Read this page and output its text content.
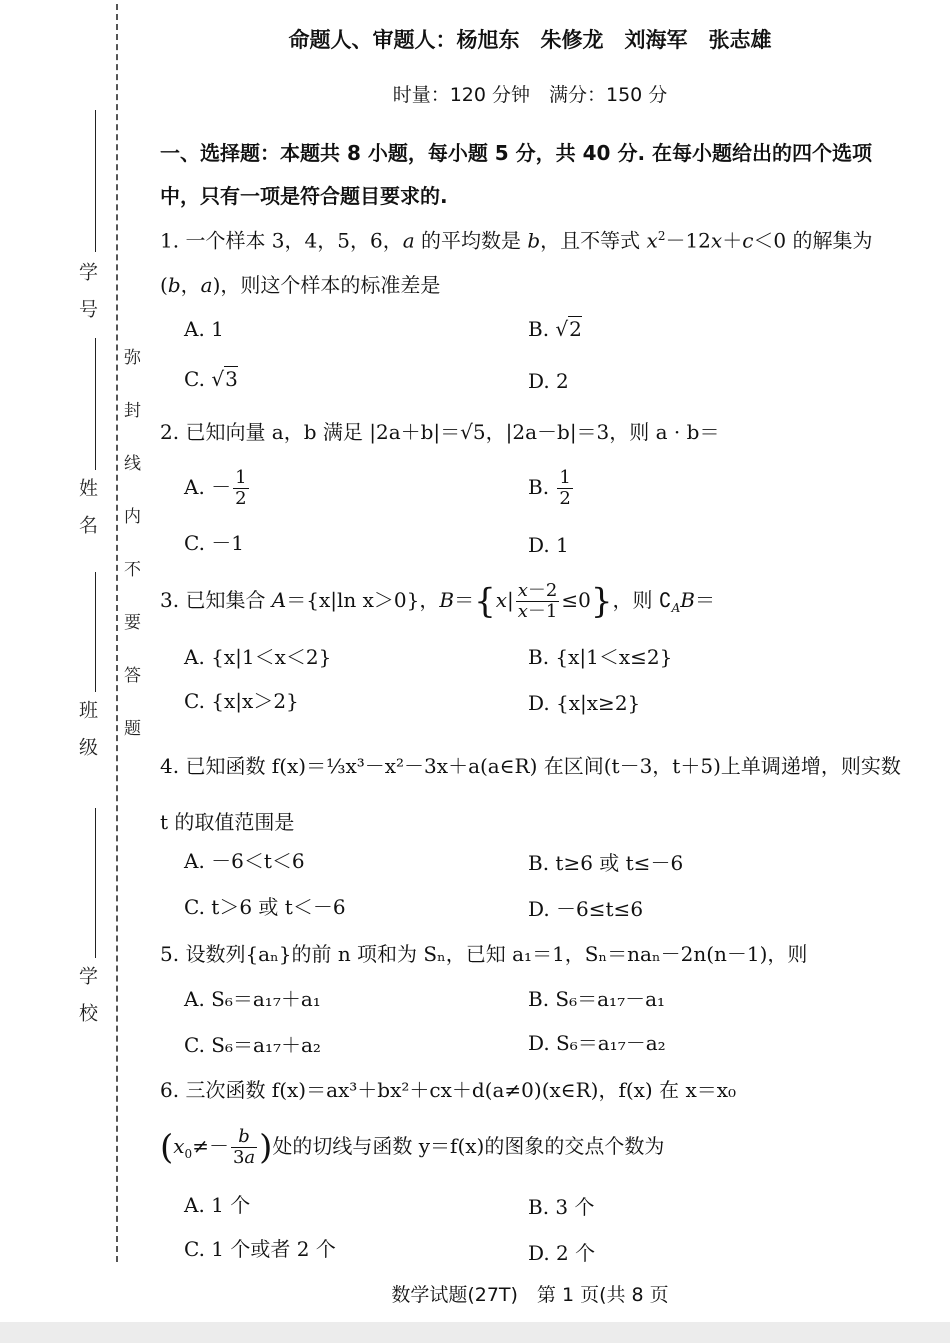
学号
姓名
班级
学校
弥封线内不要答题
命题人、审题人：杨旭东　朱修龙　刘海军　张志雄
时量：120 分钟　满分：150 分
一、选择题：本题共 8 小题，每小题 5 分，共 40 分. 在每小题给出的四个选项中，只有一项是符合题目要求的.
1. 一个样本 3，4，5，6，a 的平均数是 b，且不等式 $x^2-12x+c<0$ 的解集为 (b，a)，则这个样本的标准差是
A. 1	B. √2
C. √3	D. 2
2. 已知向量 a，b 满足 |2a＋b|＝√5，|2a－b|＝3，则 a · b＝
A. － $\frac{1}{2}$	B. $\frac{1}{2}$
C. －1	D. 1
3. 已知集合 A＝{x|ln x＞0}，$B=\{x| \frac{x-2}{x-1} \le 0\}$，则 $∁_AB=$
A. {x|1＜x＜2}	B. {x|1＜x≤2}
C. {x|x＞2}	D. {x|x≥2}
4. 已知函数 f(x)＝⅓x³－x²－3x＋a(a∈R) 在区间(t－3，t＋5)上单调递增，则实数 t 的取值范围是
A. －6＜t＜6	B. t≥6 或 t≤－6
C. t＞6 或 t＜－6	D. －6≤t≤6
5. 设数列{aₙ}的前 n 项和为 Sₙ，已知 a₁＝1，Sₙ＝naₙ－2n(n－1)，则
A. S₆＝a₁₇＋a₁	B. S₆＝a₁₇－a₁
C. S₆＝a₁₇＋a₂	D. S₆＝a₁₇－a₂
6. 三次函数 f(x)＝ax³＋bx²＋cx＋d(a≠0)(x∈R)，f(x) 在 x＝x₀
($x_0\ne- \frac{b}{3a}$ )处的切线与函数 y＝f(x)的图象的交点个数为
A. 1 个	B. 3 个
C. 1 个或者 2 个	D. 2 个
数学试题(27T)　第 1 页(共 8 页
